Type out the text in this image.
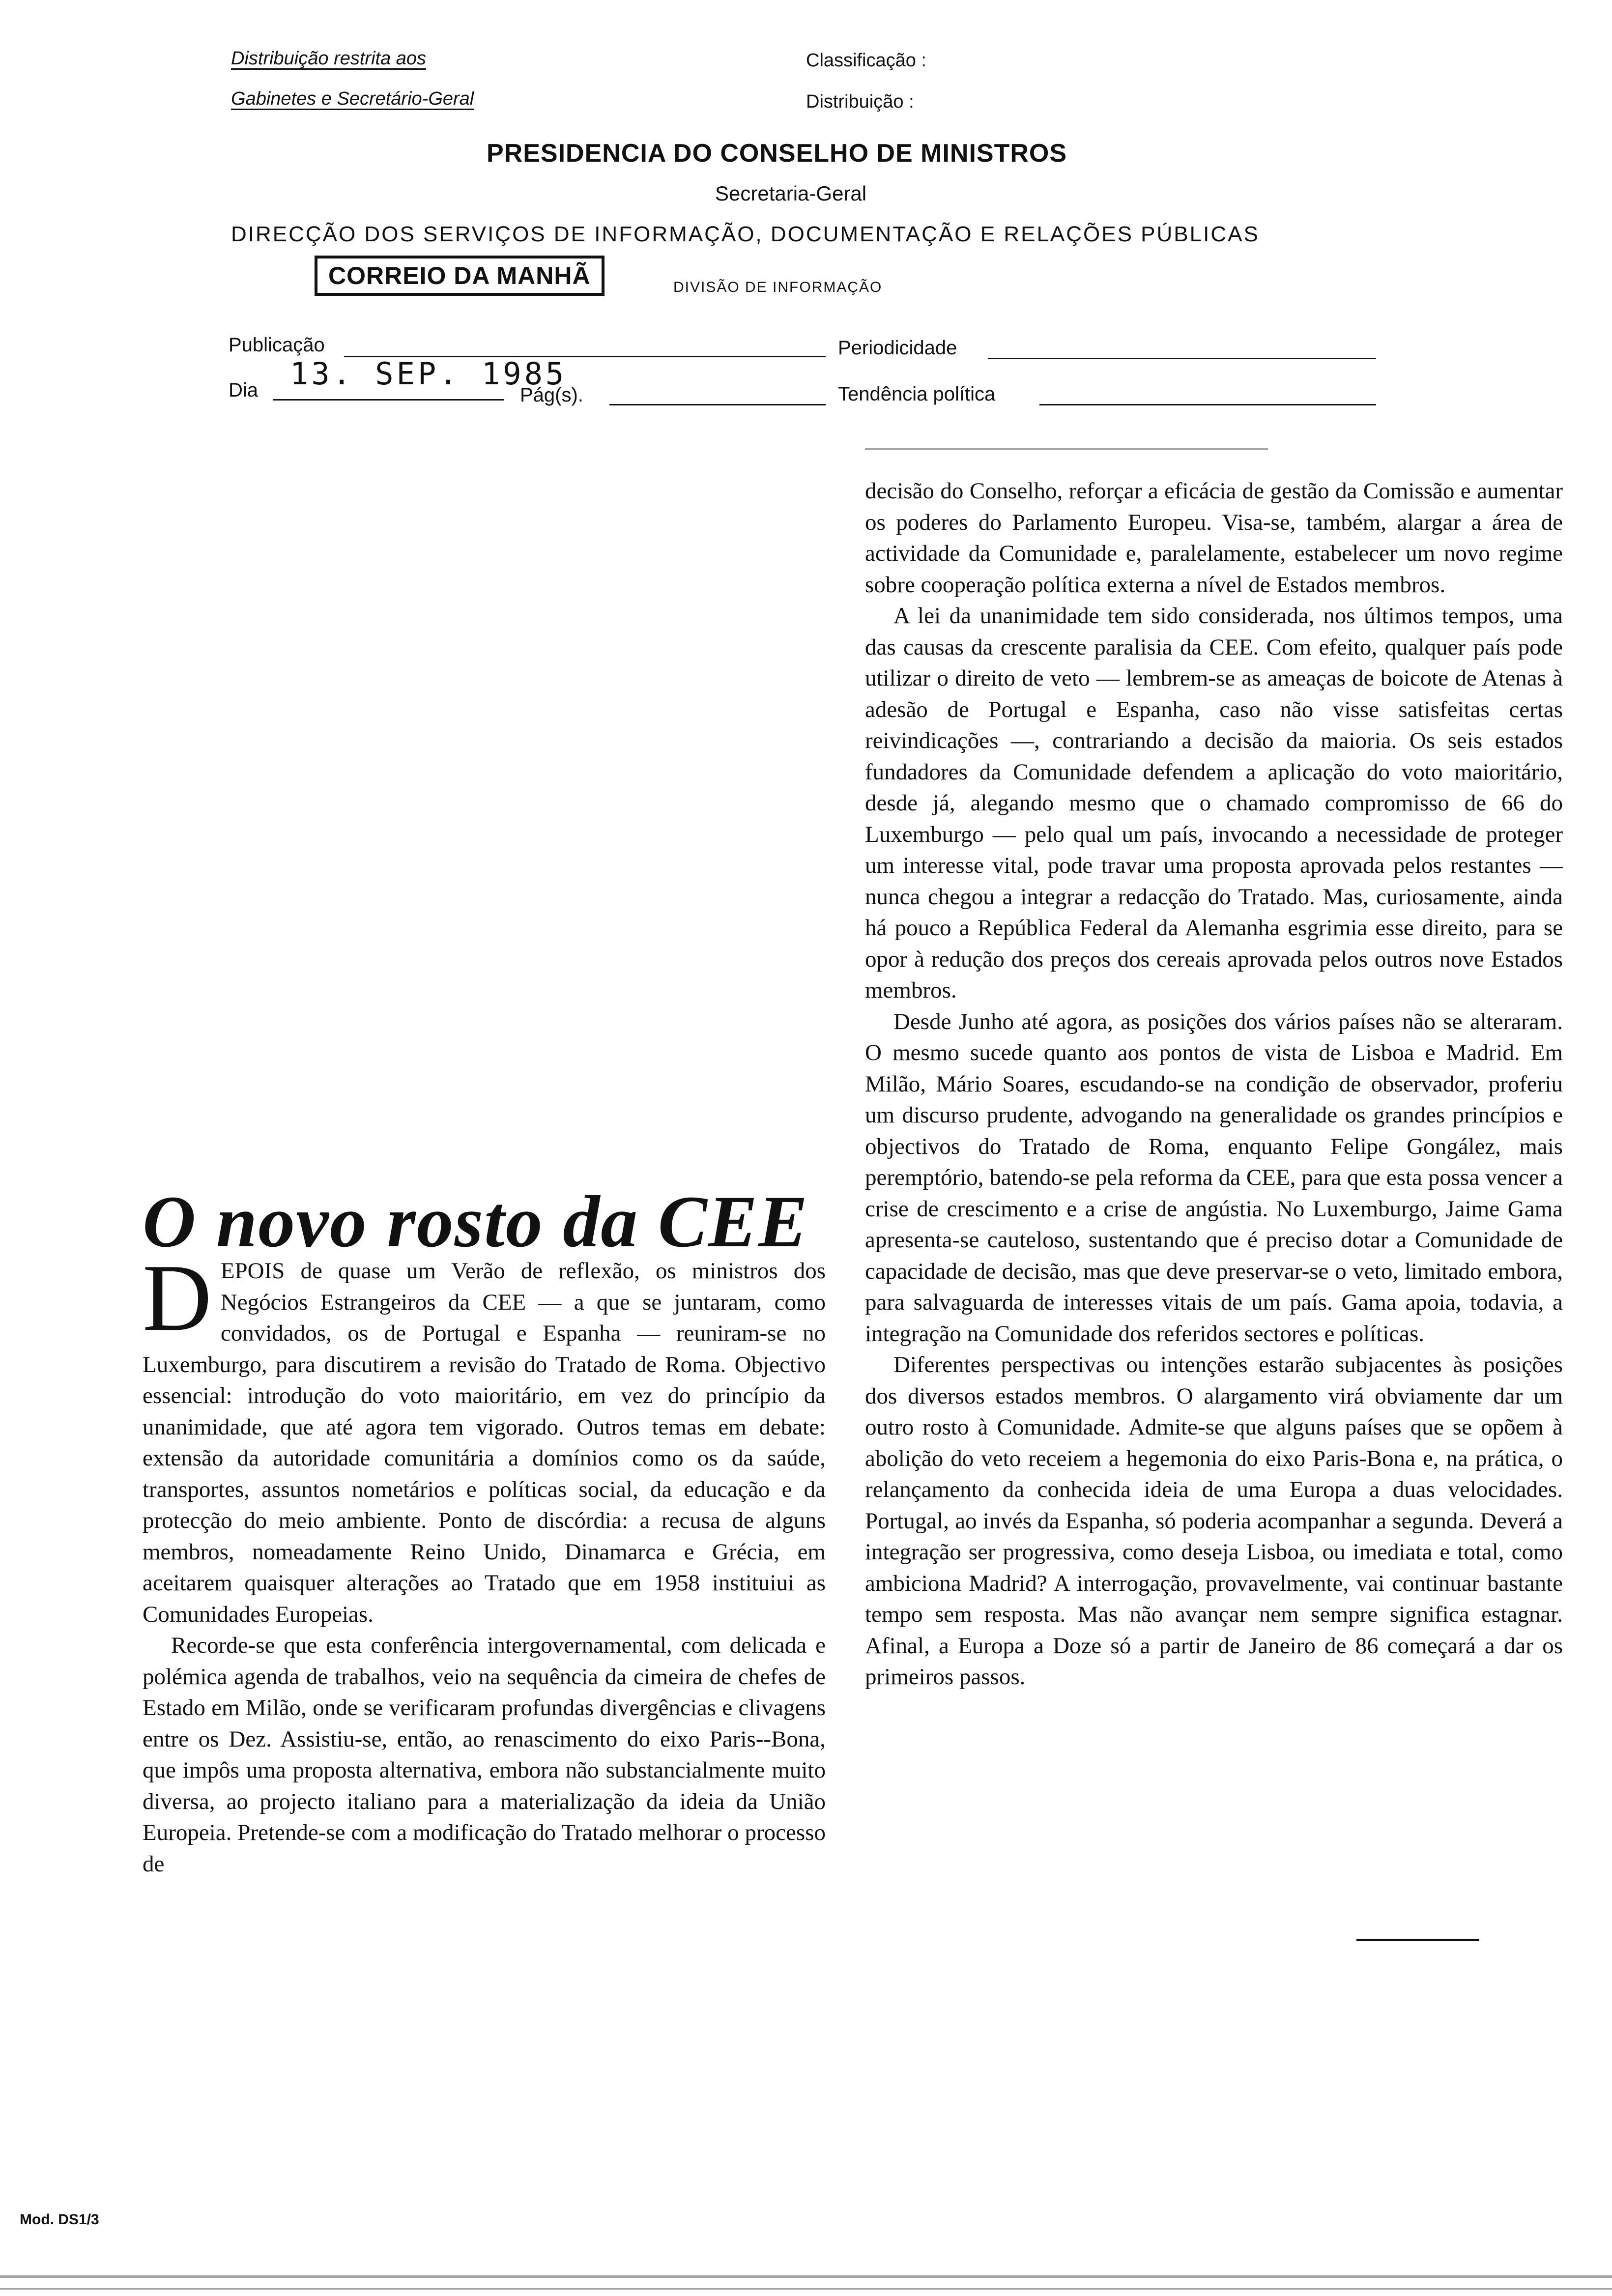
Distribuição restrita aos
Gabinetes e Secretário-Geral
Classificação :
Distribuição :
PRESIDENCIA DO CONSELHO DE MINISTROS
Secretaria-Geral
DIRECÇÃO DOS SERVIÇOS DE INFORMAÇÃO, DOCUMENTAÇÃO E RELAÇÕES PÚBLICAS
CORREIO DA MANHÃ	DIVISÃO DE INFORMAÇÃO
Publicação	Periodicidade
Dia 13. SEP. 1985
Pág(s).	Tendência política
O novo rosto da CEE
D EPOIS de quase um Verão de reflexão, os ministros dos Negócios Estrangeiros da CEE — a que se juntaram, como convidados, os de Portugal e Espanha — reuniram-se no Luxemburgo, para discutirem a revisão do Tratado de Roma. Objectivo essencial: introdução do voto maioritário, em vez do princípio da unanimidade, que até agora tem vigorado. Outros temas em debate: extensão da autoridade comunitária a domínios como os da saúde, transportes, assuntos nometários e políticas social, da educação e da protecção do meio ambiente. Ponto de discórdia: a recusa de alguns membros, nomeadamente Reino Unido, Dinamarca e Grécia, em aceitarem quaisquer alterações ao Tratado que em 1958 instituiui as Comunidades Europeias.

Recorde-se que esta conferência intergovernamental, com delicada e polémica agenda de trabalhos, veio na sequência da cimeira de chefes de Estado em Milão, onde se verificaram profundas divergências e clivagens entre os Dez. Assistiu-se, então, ao renascimento do eixo Paris--Bona, que impôs uma proposta alternativa, embora não substancialmente muito diversa, ao projecto italiano para a materialização da ideia da União Europeia. Pretende-se com a modificação do Tratado melhorar o processo de

decisão do Conselho, reforçar a eficácia de gestão da Comissão e aumentar os poderes do Parlamento Europeu. Visa-se, também, alargar a área de actividade da Comunidade e, paralelamente, estabelecer um novo regime sobre cooperação política externa a nível de Estados membros.

A lei da unanimidade tem sido considerada, nos últimos tempos, uma das causas da crescente paralisia da CEE. Com efeito, qualquer país pode utilizar o direito de veto — lembrem-se as ameaças de boicote de Atenas à adesão de Portugal e Espanha, caso não visse satisfeitas certas reivindicações —, contrariando a decisão da maioria. Os seis estados fundadores da Comunidade defendem a aplicação do voto maioritário, desde já, alegando mesmo que o chamado compromisso de 66 do Luxemburgo — pelo qual um país, invocando a necessidade de proteger um interesse vital, pode travar uma proposta aprovada pelos restantes — nunca chegou a integrar a redacção do Tratado. Mas, curiosamente, ainda há pouco a República Federal da Alemanha esgrimia esse direito, para se opor à redução dos preços dos cereais aprovada pelos outros nove Estados membros.

Desde Junho até agora, as posições dos vários países não se alteraram. O mesmo sucede quanto aos pontos de vista de Lisboa e Madrid. Em Milão, Mário Soares, escudando-se na condição de observador, proferiu um discurso prudente, advogando na generalidade os grandes princípios e objectivos do Tratado de Roma, enquanto Felipe Gongález, mais peremptório, batendo-se pela reforma da CEE, para que esta possa vencer a crise de crescimento e a crise de angústia. No Luxemburgo, Jaime Gama apresenta-se cauteloso, sustentando que é preciso dotar a Comunidade de capacidade de decisão, mas que deve preservar-se o veto, limitado embora, para salvaguarda de interesses vitais de um país. Gama apoia, todavia, a integração na Comunidade dos referidos sectores e políticas.

Diferentes perspectivas ou intenções estarão subjacentes às posições dos diversos estados membros. O alargamento virá obviamente dar um outro rosto à Comunidade. Admite-se que alguns países que se opõem à abolição do veto receiem a hegemonia do eixo Paris-Bona e, na prática, o relançamento da conhecida ideia de uma Europa a duas velocidades. Portugal, ao invés da Espanha, só poderia acompanhar a segunda. Deverá a integração ser progressiva, como deseja Lisboa, ou imediata e total, como ambiciona Madrid? A interrogação, provavelmente, vai continuar bastante tempo sem resposta. Mas não avançar nem sempre significa estagnar. Afinal, a Europa a Doze só a partir de Janeiro de 86 começará a dar os primeiros passos.

Mod. DS1/3
